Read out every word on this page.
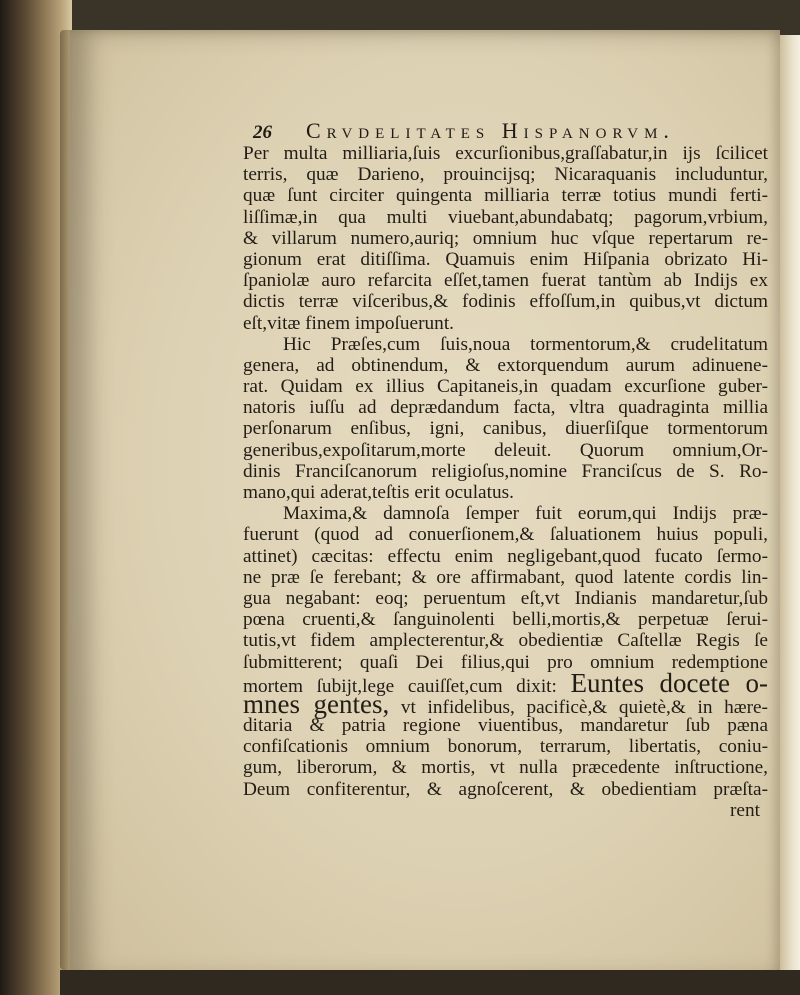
26 Crvdelitates Hispanorvm.
Per multa milliaria,ſuis excurſionibus,graſſabatur,in ijs ſcilicet
terris, quæ Darieno, prouincijsq; Nicaraquanis includuntur,
quæ ſunt circiter quingenta milliaria terræ totius mundi ferti-
liſſimæ,in qua multi viuebant,abundabatq; pagorum,vrbium,
& villarum numero,auriq; omnium huc vſque repertarum re-
gionum erat ditiſſima. Quamuis enim Hiſpania obrizato Hi-
ſpaniolæ auro refarcita eſſet,tamen fuerat tantùm ab Indijs ex
dictis terræ viſceribus,& fodinis effoſſum,in quibus,vt dictum
eſt,vitæ finem impoſuerunt.
Hic Præſes,cum ſuis,noua tormentorum,& crudelitatum
genera, ad obtinendum, & extorquendum aurum adinuene-
rat. Quidam ex illius Capitaneis,in quadam excurſione guber-
natoris iuſſu ad deprædandum facta, vltra quadraginta millia
perſonarum enſibus, igni, canibus, diuerſiſque tormentorum
generibus,expoſitarum,morte deleuit. Quorum omnium,Or-
dinis Franciſcanorum religioſus,nomine Franciſcus de S. Ro-
mano,qui aderat,teſtis erit oculatus.
Maxima,& damnoſa ſemper fuit eorum,qui Indijs præ-
fuerunt (quod ad conuerſionem,& ſaluationem huius populi,
attinet) cæcitas: effectu enim negligebant,quod fucato ſermo-
ne præ ſe ferebant; & ore affirmabant, quod latente cordis lin-
gua negabant: eoq; peruentum eſt,vt Indianis mandaretur,ſub
pœna cruenti,& ſanguinolenti belli,mortis,& perpetuæ ſerui-
tutis,vt fidem amplecterentur,& obedientiæ Caſtellæ Regis ſe
ſubmitterent; quaſi Dei filius,qui pro omnium redemptione
mortem ſubijt,lege cauiſſet,cum dixit: Euntes docete o-
mnes gentes, vt infidelibus, pacificè,& quietè,& in hære-
ditaria & patria regione viuentibus, mandaretur ſub pæna
confiſcationis omnium bonorum, terrarum, libertatis, coniu-
gum, liberorum, & mortis, vt nulla præcedente inſtructione,
Deum confiterentur, & agnoſcerent, & obedientiam præſta-
rent
